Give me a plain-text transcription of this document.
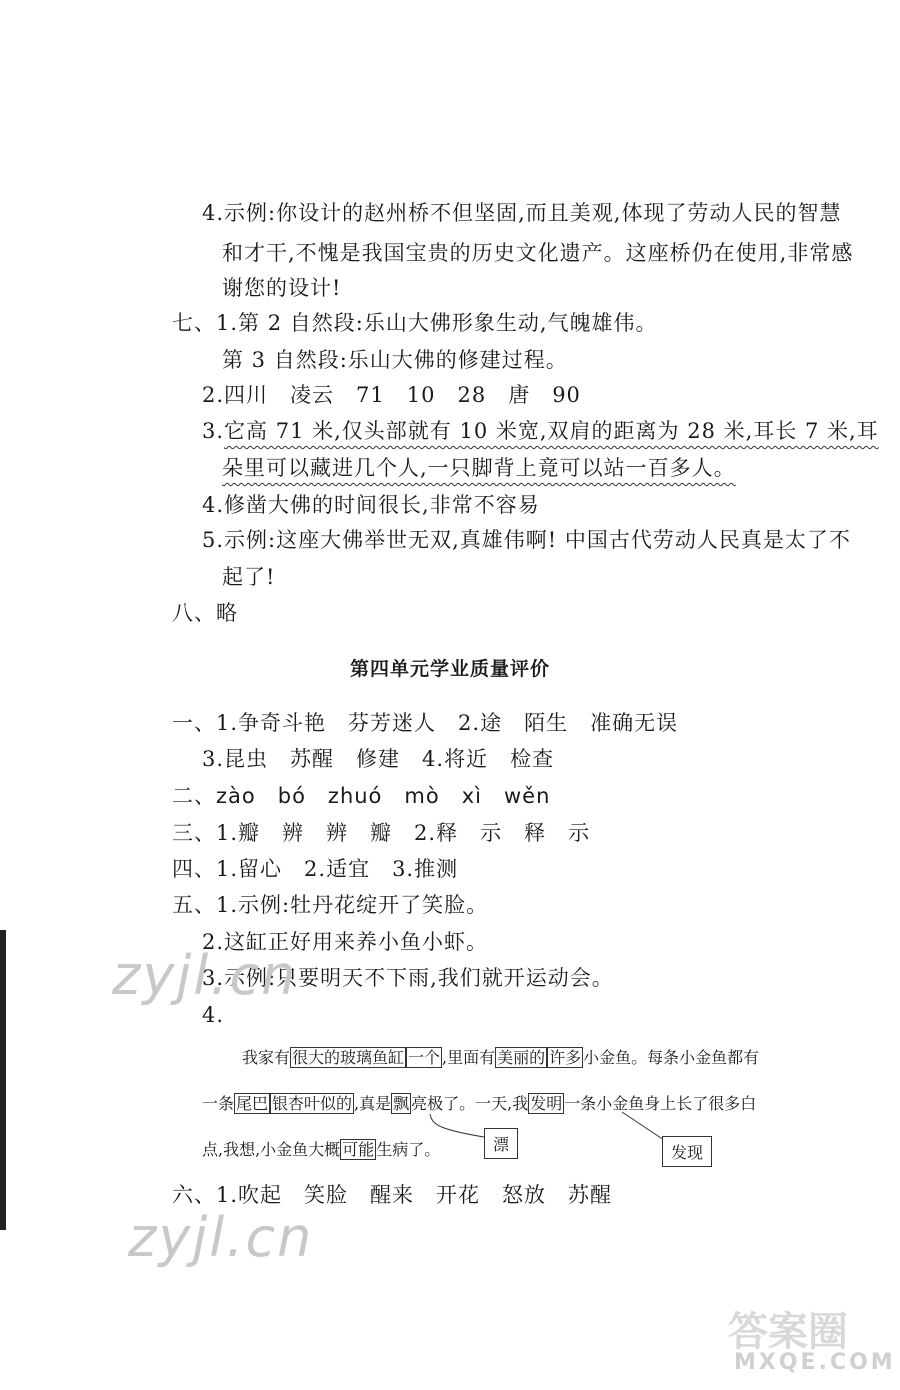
4.示例:你设计的赵州桥不但坚固,而且美观,体现了劳动人民的智慧
和才干,不愧是我国宝贵的历史文化遗产。这座桥仍在使用,非常感
谢您的设计!
七、1.第 2 自然段:乐山大佛形象生动,气魄雄伟。
第 3 自然段:乐山大佛的修建过程。
2.四川　凌云　71　10　28　唐　90
3.它高 71 米,仅头部就有 10 米宽,双肩的距离为 28 米,耳长 7 米,耳
朵里可以藏进几个人,一只脚背上竟可以站一百多人。
4.修凿大佛的时间很长,非常不容易
5.示例:这座大佛举世无双,真雄伟啊! 中国古代劳动人民真是太了不
起了!
八、略
第四单元学业质量评价
一、1.争奇斗艳　芬芳迷人　2.途　陌生　准确无误
3.昆虫　苏醒　修建　4.将近　检查
二、zào　bó　zhuó　mò　xì　wěn
三、1.瓣　辨　辨　瓣　2.释　示　释　示
四、1.留心　2.适宜　3.推测
五、1.示例:牡丹花绽开了笑脸。
2.这缸正好用来养小鱼小虾。
3.示例:只要明天不下雨,我们就开运动会。
4.
我家有 很大的玻璃鱼缸 一个 ,里面有 美丽的 许多 小金鱼。每条小金鱼都有
一条 尾巴 银杏叶似的 ,真是 飘 亮极了。一天,我 发明 一条小金鱼身上长了很多白
点,我想,小金鱼大概 可能 生病了。	漂	发现
六、1.吹起　笑脸　醒来　开花　怒放　苏醒
zyjl.cn
zyjl.cn
答案圈
MXQE.COM
